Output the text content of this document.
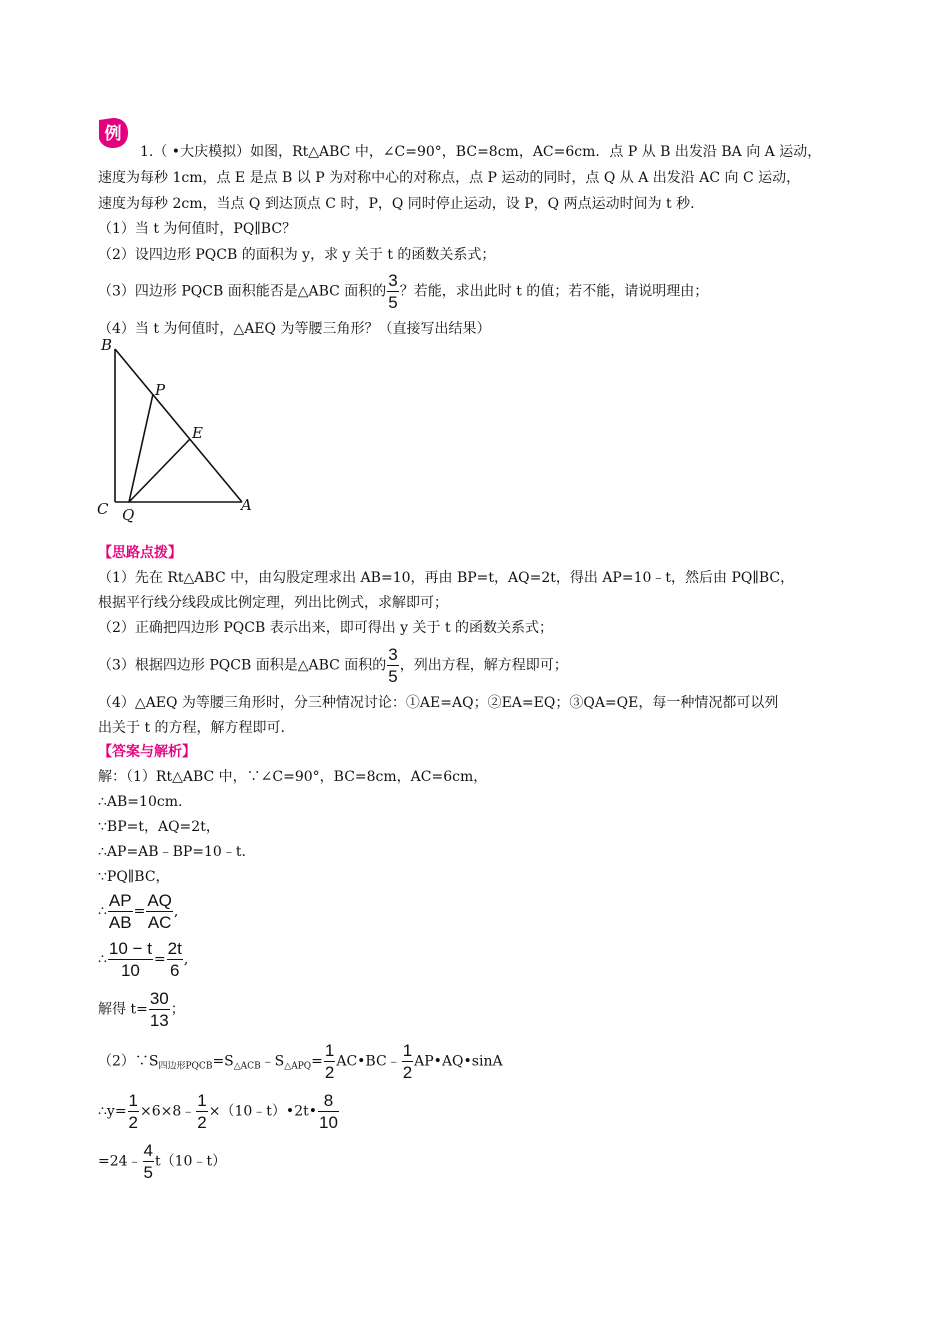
例
1.（ •大庆模拟）如图，Rt△ABC 中，∠C=90°，BC=8cm，AC=6cm．点 P 从 B 出发沿 BA 向 A 运动，
速度为每秒 1cm，点 E 是点 B 以 P 为对称中心的对称点，点 P 运动的同时，点 Q 从 A 出发沿 AC 向 C 运动，
速度为每秒 2cm，当点 Q 到达顶点 C 时，P，Q 同时停止运动，设 P，Q 两点运动时间为 t 秒.
（1）当 t 为何值时，PQ∥BC？
（2）设四边形 PQCB 的面积为 y，求 y 关于 t 的函数关系式；
（3）四边形 PQCB 面积能否是△ABC 面积的 $\frac{3}{5}$ ？若能，求出此时 t 的值；若不能，请说明理由；
（4）当 t 为何值时，△AEQ 为等腰三角形？（直接写出结果）
B
P
E
C Q
A
【思路点拨】
（1）先在 Rt△ABC 中，由勾股定理求出 AB=10，再由 BP=t，AQ=2t，得出 AP=10﹣t，然后由 PQ∥BC，
根据平行线分线段成比例定理，列出比例式，求解即可；
（2）正确把四边形 PQCB 表示出来，即可得出 y 关于 t 的函数关系式；
（3）根据四边形 PQCB 面积是△ABC 面积的 $\frac{3}{5}$ ，列出方程，解方程即可；
（4）△AEQ 为等腰三角形时，分三种情况讨论：①AE=AQ；②EA=EQ；③QA=QE，每一种情况都可以列
出关于 t 的方程，解方程即可.
【答案与解析】
解：（1）Rt△ABC 中，∵∠C=90°，BC=8cm，AC=6cm，
∴AB=10cm.
∵BP=t，AQ=2t，
∴AP=AB﹣BP=10﹣t.
∵PQ∥BC，
∴ $\frac{AP}{AB} = \frac{AQ}{AC}$ ,
∴ $\frac{10 - t}{10} = \frac{2t}{6}$ ,
解得 $t= \frac{30}{13}$ ；
$(2)\because S_{四边形PQCB}=S_{\triangle ACB}﹣S_{\triangle APQ}= \frac{1}{2}$ AC•BC﹣ $\frac{1}{2}$ AP•AQ•sinA
∴y= $\frac{1}{2}$ ×6×8﹣ $\frac{1}{2}$ ×（10﹣t）•2t• $\frac{8}{10}$
=24﹣ $\frac{4}{5}$ t（10﹣t）
